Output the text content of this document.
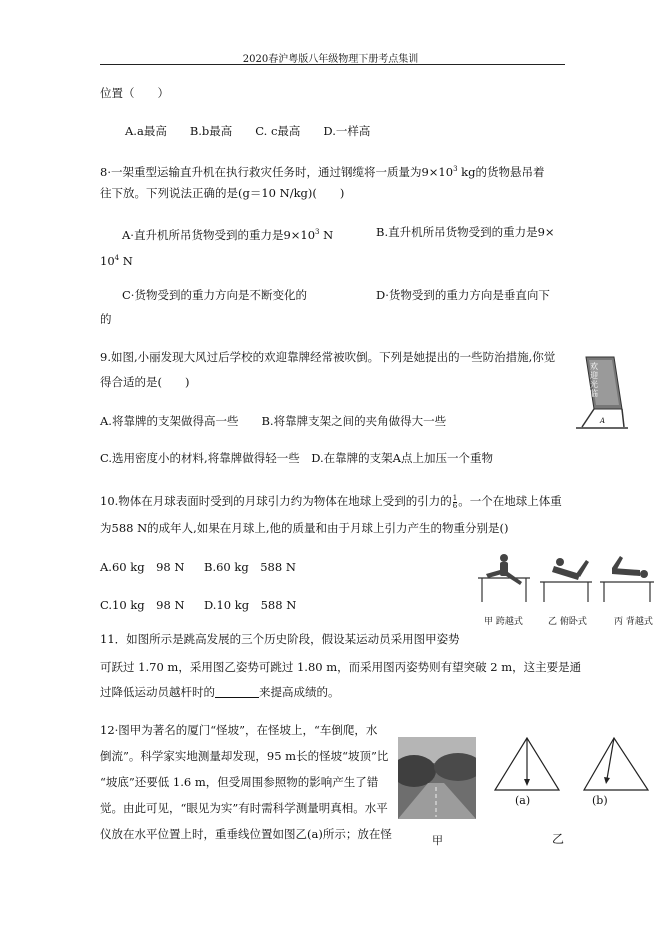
2020春沪粤版八年级物理下册考点集训
位置（　　）
A.a最高　　B.b最高　　C. c最高　　D.一样高
8·一架重型运输直升机在执行救灾任务时，通过钢缆将一质量为$9\times 10^3$ kg的货物悬吊着
往下放。下列说法正确的是(g＝10 N/kg)(　　)
A·直升机所吊货物受到的重力是$9\times 10^3$ N	B.直升机所吊货物受到的重力是9×
$10^4$ N
C·货物受到的重力方向是不断变化的	D·货物受到的重力方向是垂直向下
的
9.如图,小丽发现大风过后学校的欢迎靠牌经常被吹倒。下列是她提出的一些防治措施,你觉
得合适的是(　　)
A.将靠牌的支架做得高一些　　B.将靠牌支架之间的夹角做得大一些
C.选用密度小的材料,将靠牌做得轻一些　D.在靠牌的支架A点上加压一个重物
欢迎光临
A
10.物体在月球表面时受到的月球引力约为物体在地球上受到的引力的 $\frac{1}{6}$ 。一个在地球上体重
为588 N的成年人,如果在月球上,他的质量和由于月球上引力产生的物重分别是()
A.60 kg　98 N B.60 kg　588 N
C.10 kg　98 N D.10 kg　588 N
甲 跨越式	乙 俯卧式	丙 背越式
11．如图所示是跳高发展的三个历史阶段，假设某运动员采用图甲姿势
可跃过 1.70 m，采用图乙姿势可跳过 1.80 m，而采用图丙姿势则有望突破 2 m，这主要是通
过降低运动员越杆时的	来提高成绩的。
12·图甲为著名的厦门“怪坡”，在怪坡上，“车倒爬，水
倒流”。科学家实地测量却发现，95 m长的怪坡“坡顶”比
“坡底”还要低 1.6 m，但受周围参照物的影响产生了错
觉。由此可见，“眼见为实”有时需科学测量明真相。水平
仪放在水平位置上时，重垂线位置如图乙(a)所示；放在怪	甲
(a)	(b)
乙
